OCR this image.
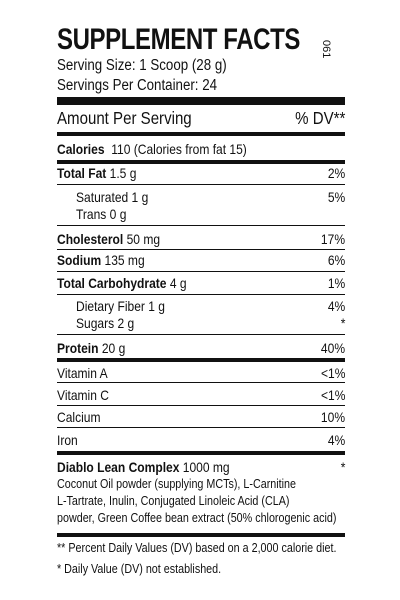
SUPPLEMENT FACTS	061
Serving Size: 1 Scoop (28 g)
Servings Per Container: 24
Amount Per Serving	% DV**
Calories 110 (Calories from fat 15)
Total Fat 1.5 g	2%
Saturated 1 g	5%
Trans 0 g
Cholesterol 50 mg	17%
Sodium 135 mg	6%
Total Carbohydrate 4 g	1%
Dietary Fiber 1 g	4%
Sugars 2 g	*
Protein 20 g	40%
Vitamin A	<1%
Vitamin C	<1%
Calcium	10%
Iron	4%
Diablo Lean Complex 1000 mg	*
Coconut Oil powder (supplying MCTs), L-Carnitine
L-Tartrate, Inulin, Conjugated Linoleic Acid (CLA)
powder, Green Coffee bean extract (50% chlorogenic acid)
** Percent Daily Values (DV) based on a 2,000 calorie diet.
* Daily Value (DV) not established.
